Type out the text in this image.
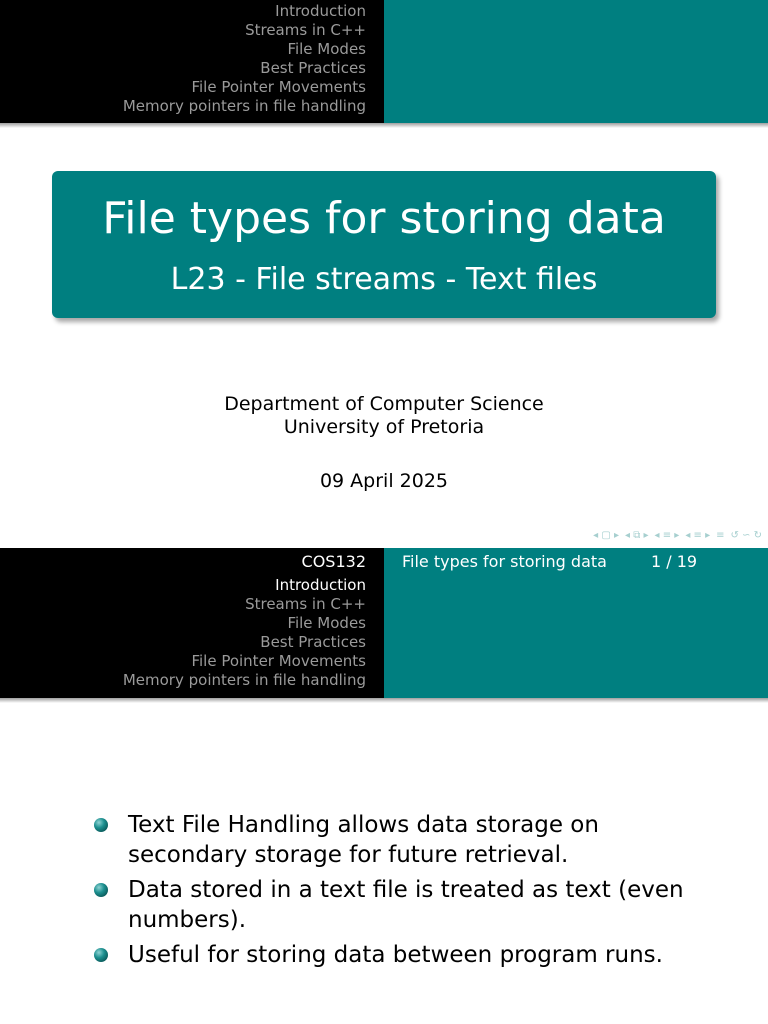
Introduction
Streams in C++
File Modes
Best Practices
File Pointer Movements
Memory pointers in file handling
File types for storing data
L23 - File streams - Text files
Department of Computer Science
University of Pretoria
09 April 2025
◂ ▢ ▸ ◂ ⧉ ▸ ◂ ≡ ▸ ◂ ≡ ▸ ≡ ↺ ∽ ↻
COS132	File types for storing data	1 / 19
Introduction
Streams in C++
File Modes
Best Practices
File Pointer Movements
Memory pointers in file handling
Text File Handling allows data storage on secondary storage for future retrieval.
Data stored in a text file is treated as text (even numbers).
Useful for storing data between program runs.
